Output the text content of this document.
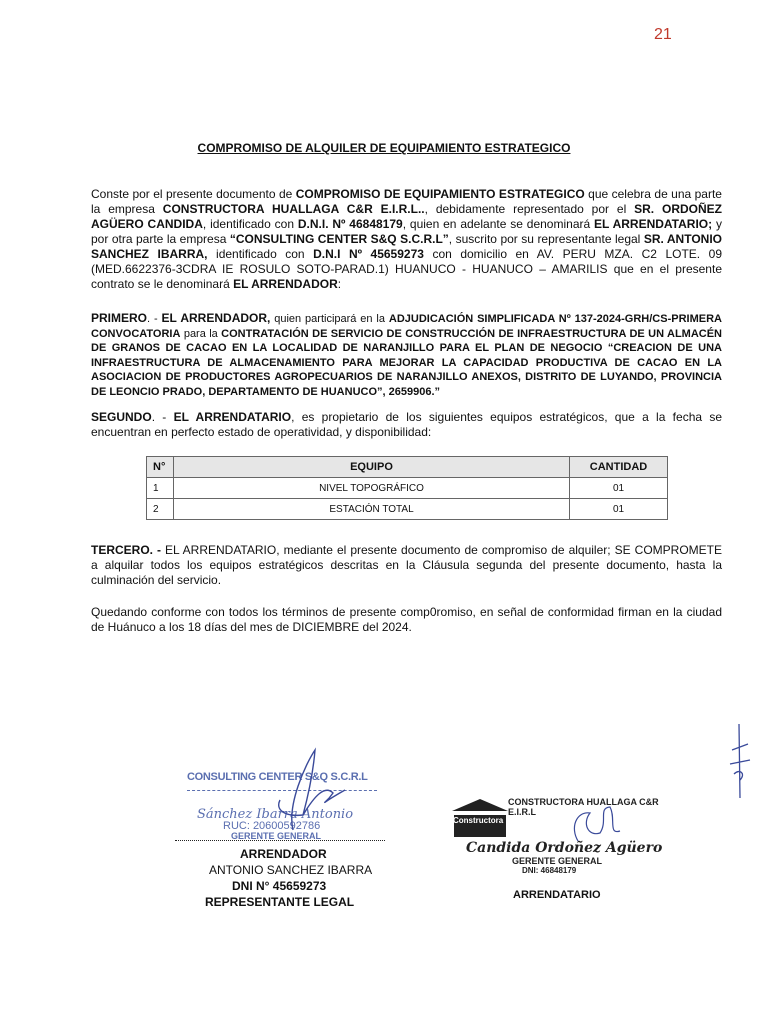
21
COMPROMISO DE ALQUILER DE EQUIPAMIENTO ESTRATEGICO

Conste por el presente documento de COMPROMISO DE EQUIPAMIENTO ESTRATEGICO que celebra de una parte la empresa CONSTRUCTORA HUALLAGA C&R E.I.R.L.., debidamente representado por el SR. ORDOÑEZ AGÜERO CANDIDA, identificado con D.N.I. Nº 46848179, quien en adelante se denominará EL ARRENDATARIO; y por otra parte la empresa “CONSULTING CENTER S&Q S.C.R.L”, suscrito por su representante legal SR. ANTONIO SANCHEZ IBARRA, identificado con D.N.I Nº 45659273 con domicilio en AV. PERU MZA. C2 LOTE. 09 (MED.6622376-3CDRA IE ROSULO SOTO-PARAD.1) HUANUCO - HUANUCO – AMARILIS que en el presente contrato se le denominará EL ARRENDADOR:

PRIMERO. - EL ARRENDADOR, quien participará en la ADJUDICACIÓN SIMPLIFICADA Nº 137-2024-GRH/CS-PRIMERA CONVOCATORIA para la CONTRATACIÓN DE SERVICIO DE CONSTRUCCIÓN DE INFRAESTRUCTURA DE UN ALMACÉN DE GRANOS DE CACAO EN LA LOCALIDAD DE NARANJILLO PARA EL PLAN DE NEGOCIO “CREACION DE UNA INFRAESTRUCTURA DE ALMACENAMIENTO PARA MEJORAR LA CAPACIDAD PRODUCTIVA DE CACAO EN LA ASOCIACION DE PRODUCTORES AGROPECUARIOS DE NARANJILLO ANEXOS, DISTRITO DE LUYANDO, PROVINCIA DE LEONCIO PRADO, DEPARTAMENTO DE HUANUCO”, 2659906.”

SEGUNDO. - EL ARRENDATARIO, es propietario de los siguientes equipos estratégicos, que a la fecha se encuentran en perfecto estado de operatividad, y disponibilidad:

N°	EQUIPO	CANTIDAD
1	NIVEL TOPOGRÁFICO	01
2	ESTACIÓN TOTAL	01

TERCERO. - EL ARRENDATARIO, mediante el presente documento de compromiso de alquiler; SE COMPROMETE a alquilar todos los equipos estratégicos descritas en la Cláusula segunda del presente documento, hasta la culminación del servicio.

Quedando conforme con todos los términos de presente comp0romiso, en señal de conformidad firman en la ciudad de Huánuco a los 18 días del mes de DICIEMBRE del 2024.

CONSULTING CENTER S&Q S.C.R.L
Sánchez Ibarra Antonio
RUC: 20600592786
GERENTE GENERAL
ARRENDADOR
ANTONIO SANCHEZ IBARRA
DNI N° 45659273
REPRESENTANTE LEGAL
Constructora
CONSTRUCTORA HUALLAGA C&R E.I.R.L
Candida Ordoñez Agüero
GERENTE GENERAL
DNI: 46848179
ARRENDATARIO
